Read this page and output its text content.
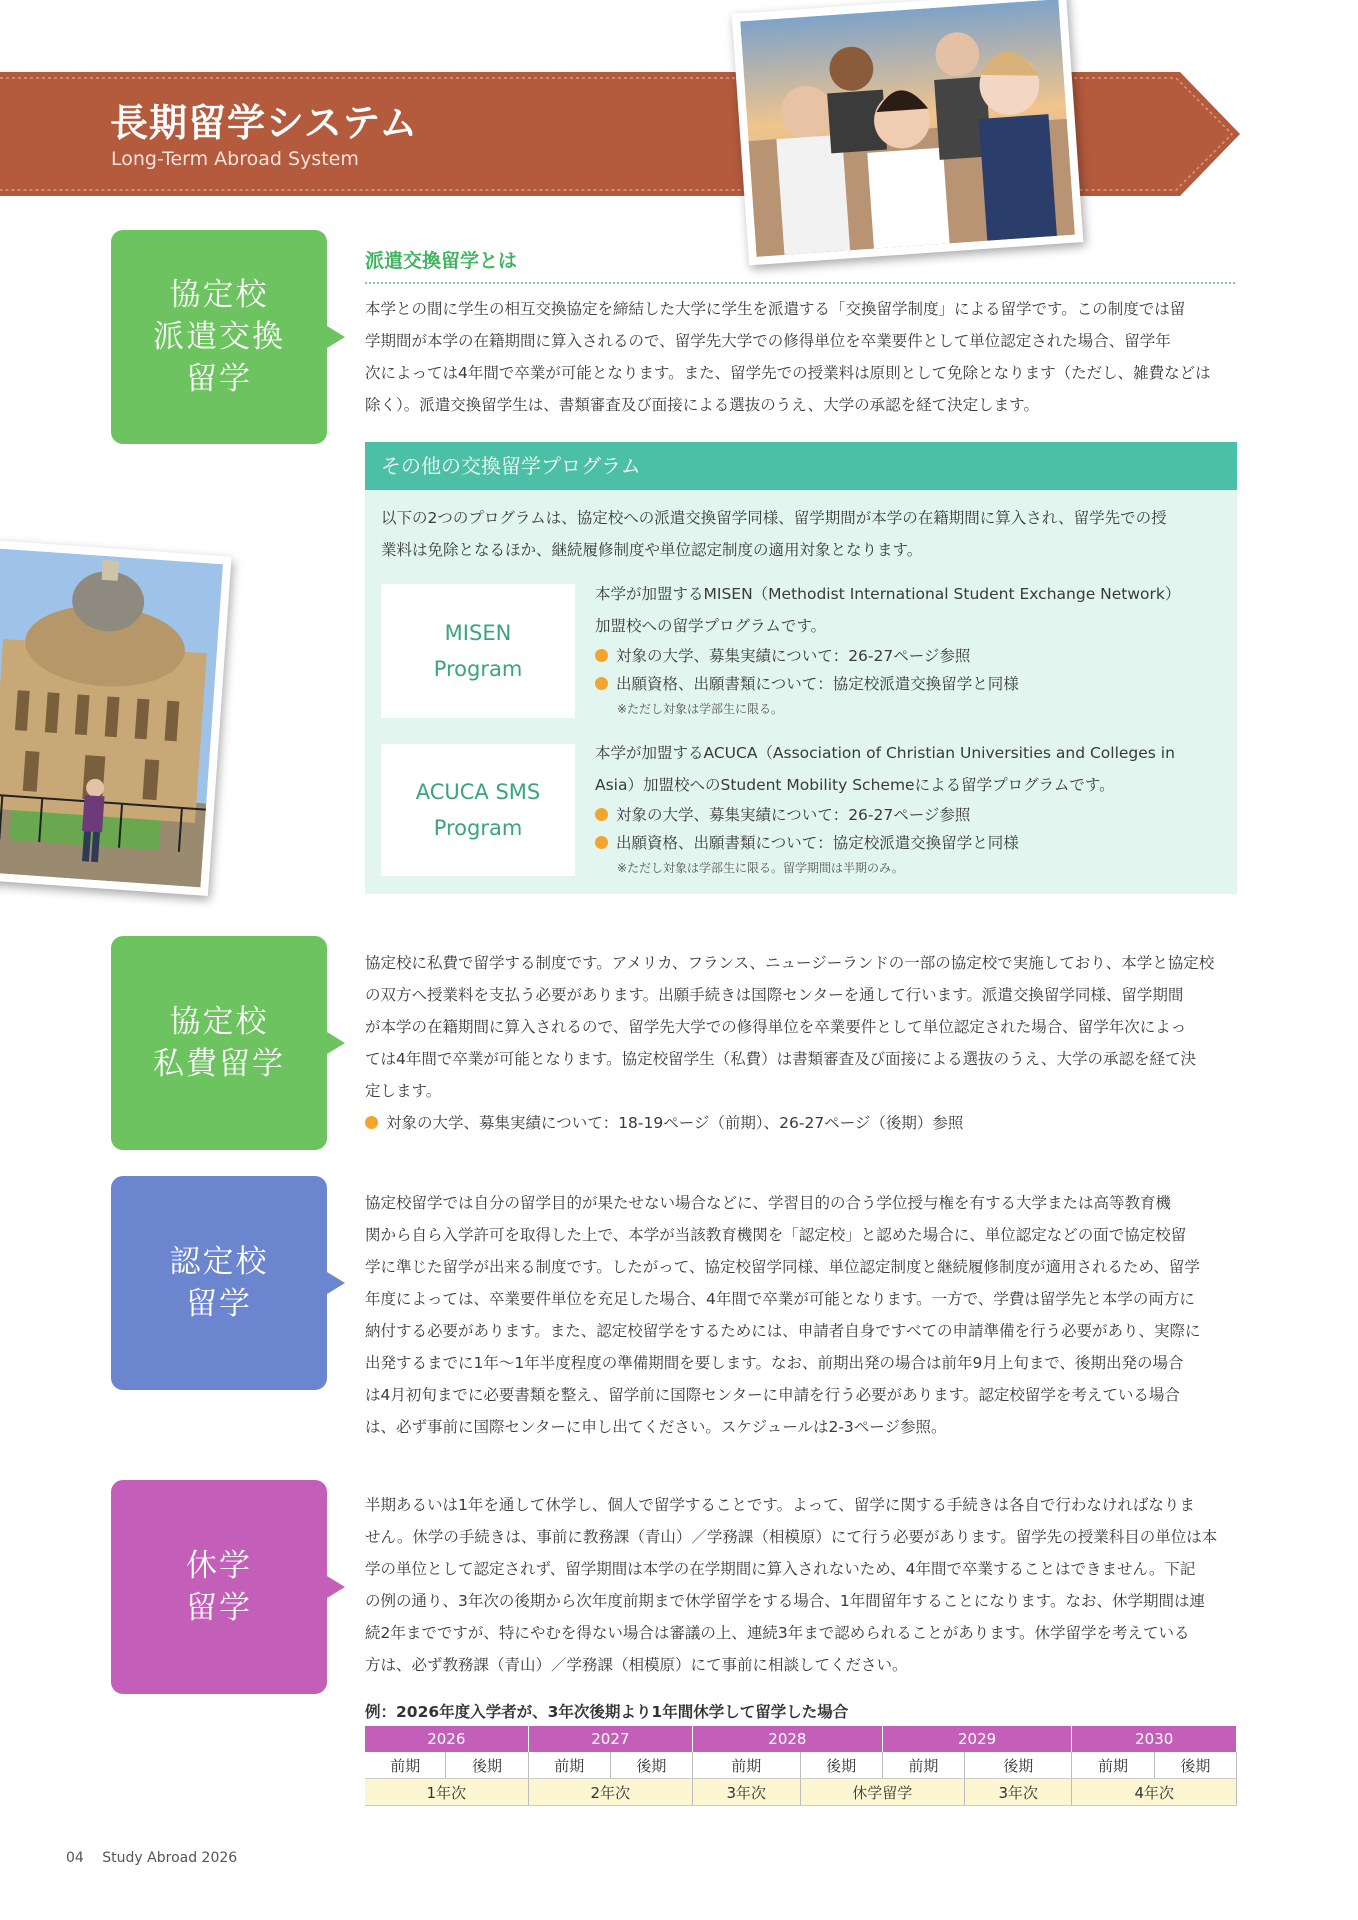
長期留学システム
Long-Term Abroad System
協定校
派遣交換
留学
派遣交換留学とは
本学との間に学生の相互交換協定を締結した大学に学生を派遣する「交換留学制度」による留学です。この制度では留
学期間が本学の在籍期間に算入されるので、留学先大学での修得単位を卒業要件として単位認定された場合、留学年
次によっては4年間で卒業が可能となります。また、留学先での授業料は原則として免除となります（ただし、雑費などは
除く）。派遣交換留学生は、書類審査及び面接による選抜のうえ、大学の承認を経て決定します。
その他の交換留学プログラム
以下の2つのプログラムは、協定校への派遣交換留学同様、留学期間が本学の在籍期間に算入され、留学先での授
業料は免除となるほか、継続履修制度や単位認定制度の適用対象となります。
MISEN
Program
本学が加盟するMISEN（Methodist International Student Exchange Network）
加盟校への留学プログラムです。
対象の大学、募集実績について：26-27ページ参照
出願資格、出願書類について：協定校派遣交換留学と同様
※ただし対象は学部生に限る。
ACUCA SMS
Program
本学が加盟するACUCA（Association of Christian Universities and Colleges in
Asia）加盟校へのStudent Mobility Schemeによる留学プログラムです。
対象の大学、募集実績について：26-27ページ参照
出願資格、出願書類について：協定校派遣交換留学と同様
※ただし対象は学部生に限る。留学期間は半期のみ。
協定校
私費留学
協定校に私費で留学する制度です。アメリカ、フランス、ニュージーランドの一部の協定校で実施しており、本学と協定校
の双方へ授業料を支払う必要があります。出願手続きは国際センターを通して行います。派遣交換留学同様、留学期間
が本学の在籍期間に算入されるので、留学先大学での修得単位を卒業要件として単位認定された場合、留学年次によっ
ては4年間で卒業が可能となります。協定校留学生（私費）は書類審査及び面接による選抜のうえ、大学の承認を経て決
定します。
対象の大学、募集実績について：18-19ページ（前期）、26-27ページ（後期）参照
認定校
留学
協定校留学では自分の留学目的が果たせない場合などに、学習目的の合う学位授与権を有する大学または高等教育機
関から自ら入学許可を取得した上で、本学が当該教育機関を「認定校」と認めた場合に、単位認定などの面で協定校留
学に準じた留学が出来る制度です。したがって、協定校留学同様、単位認定制度と継続履修制度が適用されるため、留学
年度によっては、卒業要件単位を充足した場合、4年間で卒業が可能となります。一方で、学費は留学先と本学の両方に
納付する必要があります。また、認定校留学をするためには、申請者自身ですべての申請準備を行う必要があり、実際に
出発するまでに1年〜1年半度程度の準備期間を要します。なお、前期出発の場合は前年9月上旬まで、後期出発の場合
は4月初旬までに必要書類を整え、留学前に国際センターに申請を行う必要があります。認定校留学を考えている場合
は、必ず事前に国際センターに申し出てください。スケジュールは2-3ページ参照。
休学
留学
半期あるいは1年を通して休学し、個人で留学することです。よって、留学に関する手続きは各自で行わなければなりま
せん。休学の手続きは、事前に教務課（青山）／学務課（相模原）にて行う必要があります。留学先の授業科目の単位は本
学の単位として認定されず、留学期間は本学の在学期間に算入されないため、4年間で卒業することはできません。下記
の例の通り、3年次の後期から次年度前期まで休学留学をする場合、1年間留年することになります。なお、休学期間は連
続2年までですが、特にやむを得ない場合は審議の上、連続3年まで認められることがあります。休学留学を考えている
方は、必ず教務課（青山）／学務課（相模原）にて事前に相談してください。
例：2026年度入学者が、3年次後期より1年間休学して留学した場合
2026		2027		2028		2029		2030	
前期	後期	前期	後期	前期	後期	前期	後期	前期	後期
1年次		2年次		3年次	休学留学		3年次	4年次	
04 Study Abroad 2026
